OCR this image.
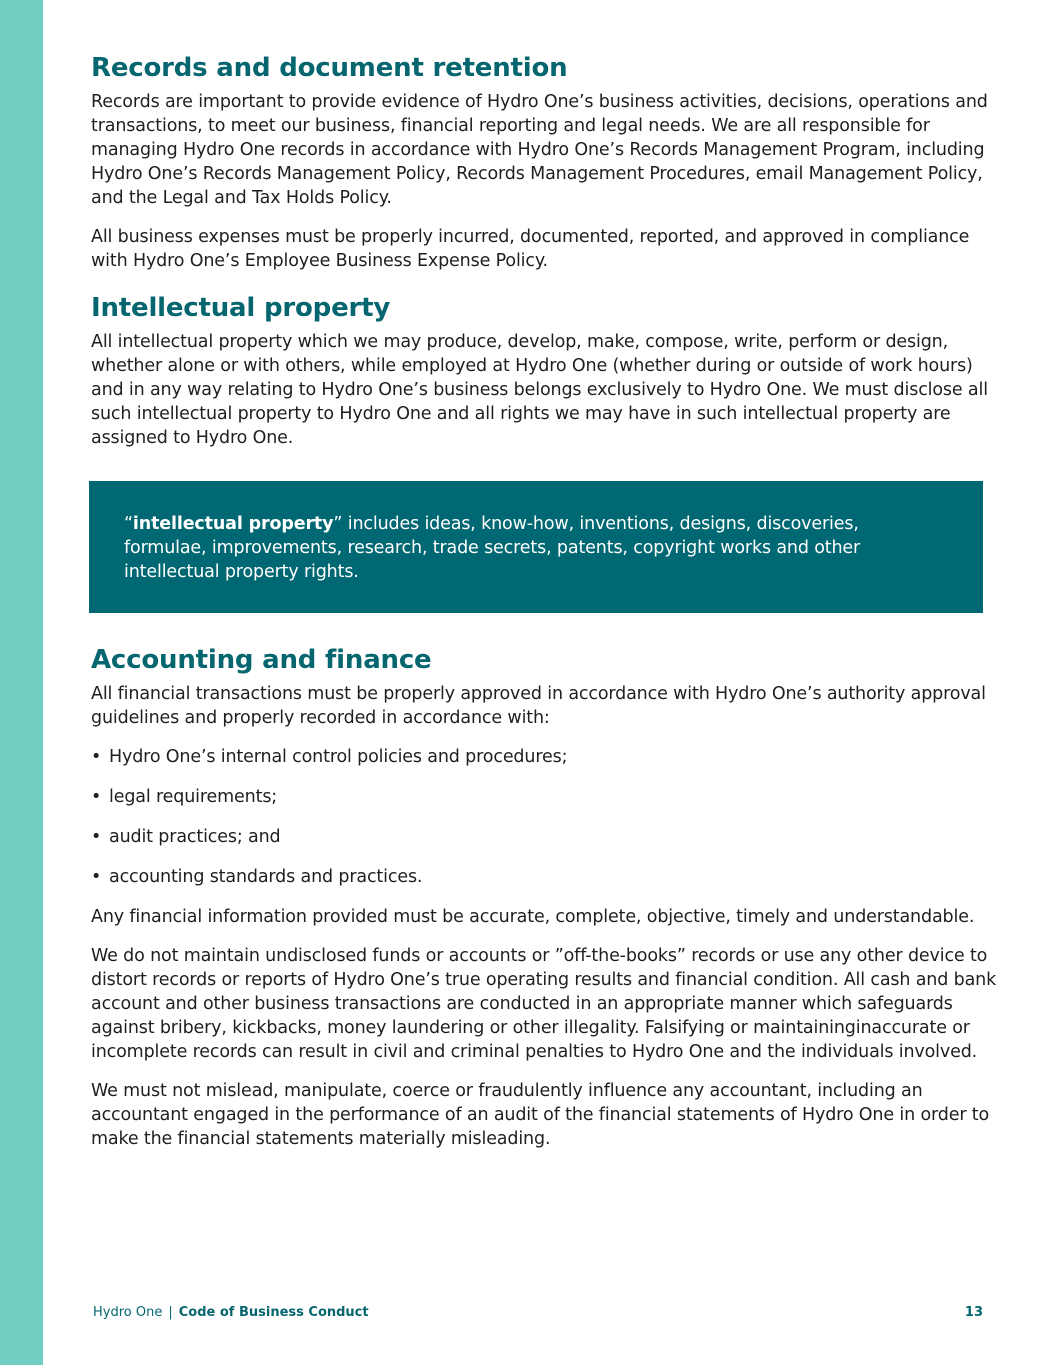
Records and document retention

Records are important to provide evidence of Hydro One’s business activities, decisions, operations and transactions, to meet our business, financial reporting and legal needs. We are all responsible for managing Hydro One records in accordance with Hydro One’s Records Management Program, including Hydro One’s Records Management Policy, Records Management Procedures, email Management Policy, and the Legal and Tax Holds Policy.

All business expenses must be properly incurred, documented, reported, and approved in compliance with Hydro One’s Employee Business Expense Policy.

Intellectual property

All intellectual property which we may produce, develop, make, compose, write, perform or design, whether alone or with others, while employed at Hydro One (whether during or outside of work hours) and in any way relating to Hydro One’s business belongs exclusively to Hydro One. We must disclose all such intellectual property to Hydro One and all rights we may have in such intellectual property are assigned to Hydro One.

“intellectual property” includes ideas, know-how, inventions, designs, discoveries, formulae, improvements, research, trade secrets, patents, copyright works and other intellectual property rights.
Accounting and finance

All financial transactions must be properly approved in accordance with Hydro One’s authority approval guidelines and properly recorded in accordance with:

• Hydro One’s internal control policies and procedures;
• legal requirements;
• audit practices; and
• accounting standards and practices.

Any financial information provided must be accurate, complete, objective, timely and understandable.

We do not maintain undisclosed funds or accounts or ”off-the-books” records or use any other device to distort records or reports of Hydro One’s true operating results and financial condition. All cash and bank account and other business transactions are conducted in an appropriate manner which safeguards against bribery, kickbacks, money laundering or other illegality. Falsifying or maintaininginaccurate or incomplete records can result in civil and criminal penalties to Hydro One and the individuals involved.

We must not mislead, manipulate, coerce or fraudulently influence any accountant, including an accountant engaged in the performance of an audit of the financial statements of Hydro One in order to make the financial statements materially misleading.

Hydro One | Code of Business Conduct	13
